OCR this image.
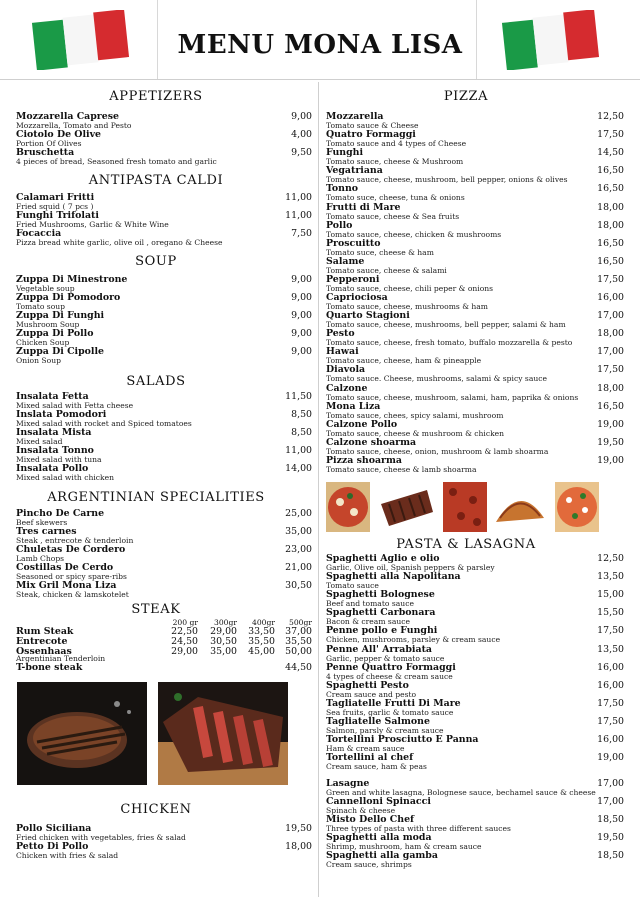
MENU MONA LISA
APPETIZERS
Mozzarella Caprese
Mozzarella, Tomato and Pesto
9,00
Ciotolo De Olive
Portion Of Olives
4,00
Bruschetta
4 pieces of bread, Seasoned fresh tomato and garlic
9,50
ANTIPASTA CALDI
Calamari Fritti
Fried squid ( 7 pcs )
11,00
Funghi Trifolati
Fried Mushrooms, Garlic & White Wine
11,00
Focaccia
Pizza bread white garlic, olive oil , oregano & Cheese
7,50
SOUP
Zuppa Di Minestrone
Vegetable soup
9,00
Zuppa Di Pomodoro
Tomato soup
9,00
Zuppa Di Funghi
Mushroom Soup
9,00
Zuppa Di Pollo
Chicken Soup
9,00
Zuppa Di Cipolle
Onion Soup
9,00
SALADS
Insalata Fetta
Mixed salad with Fetta cheese
11,50
Inslata Pomodori
Mixed salad with rocket and Spiced tomatoes
8,50
Insalata Mista
Mixed salad
8,50
Insalata Tonno
Mixed salad with tuna
11,00
Insalata Pollo
Mixed salad with chicken
14,00
ARGENTINIAN SPECIALITIES
Pincho De Carne
Beef skewers
25,00
Tres carnes
Steak , entrecote & tenderloin
35,00
Chuletas De Cordero
Lamb Chops
23,00
Costillas De Cerdo
Seasoned or spicy spare-ribs
21,00
Mix Gril Mona Liza
Steak, chicken & lamskotelet
30,50
STEAK
CHICKEN
Pollo Siciliana
Fried chicken with vegetables, fries & salad
19,50
Petto Di Pollo
Chicken with fries & salad
18,00
200 gr	300gr	400gr	500gr
Rum Steak	22,50	29,00	33,50	37,00
Entrecote	24,50	30,50	35,50	35,50
Ossenhaas	29,00	35,00	45,00	50,00
Argentinian Tenderloin
T-bone steak	44,50
PIZZA
Mozzarella
Tomato sauce & Cheese
12,50
Quatro Formaggi
Tomato sauce and 4 types of Cheese
17,50
Funghi
Tomato sauce, cheese & Mushroom
14,50
Vegatriana
Tomato sauce, cheese, mushroom, bell pepper, onions & olives
16,50
Tonno
Tomato suce, cheese, tuna & onions
16,50
Frutti di Mare
Tomato sauce, cheese & Sea fruits
18,00
Pollo
Tomato sauce, cheese, chicken & mushrooms
18,00
Proscuitto
Tomato suce, cheese & ham
16,50
Salame
Tomato sauce, cheese & salami
16,50
Pepperoni
Tomato sauce, cheese, chili peper & onions
17,50
Capriociosa
Tomato sauce, cheese, mushrooms & ham
16,00
Quarto Stagioni
Tomato sauce, cheese, mushrooms, bell pepper, salami & ham
17,00
Pesto
Tomato sauce, cheese, fresh tomato, buffalo mozzarella & pesto
18,00
Hawai
Tomato sauce, cheese, ham & pineapple
17,00
Diavola
Tomato sauce. Cheese, mushrooms, salami & spicy sauce
17,50
Calzone
Tomato sauce, cheese, mushroom, salami, ham, paprika & onions
18,00
Mona Liza
Tomato sauce, chees, spicy salami, mushroom
16,50
Calzone Pollo
Tomato sauce, cheese & mushroom & chicken
19,00
Calzone shoarma
Tomato sauce, cheese, onion, mushroom & lamb shoarma
19,50
Pizza shoarma
Tomato sauce, cheese & lamb shoarma
19,00
PASTA & LASAGNA
Spaghetti Aglio e olio
Garlic, Olive oil, Spanish peppers & parsley
12,50
Spaghetti alla Napolitana
Tomato sauce
13,50
Spaghetti Bolognese
Beef and tomato sauce
15,00
Spaghetti Carbonara
Bacon & cream sauce
15,50
Penne pollo e Funghi
Chicken, mushrooms, parsley & cream sauce
17,50
Penne All' Arrabiata
Garlic, pepper & tomato sauce
13,50
Penne Quattro Formaggi
4 types of cheese & cream sauce
16,00
Spaghetti Pesto
Cream sauce and pesto
16,00
Tagliatelle Frutti Di Mare
Sea fruits, garlic & tomato sauce
17,50
Tagliatelle Salmone
Salmon, parsly & cream sauce
17,50
Tortellini Prosciutto E Panna
Ham & cream sauce
16,00
Tortellini al chef
Cream sauce, ham & peas
19,00
Lasagne
Green and white lasagna, Bolognese sauce, bechamel sauce & cheese
17,00
Cannelloni Spinacci
Spinach & cheese
17,00
Misto Dello Chef
Three types of pasta with three different sauces
18,50
Spaghetti alla moda
Shrimp, mushroom, ham & cream sauce
19,50
Spaghetti alla gamba
Cream sauce, shrimps
18,50
